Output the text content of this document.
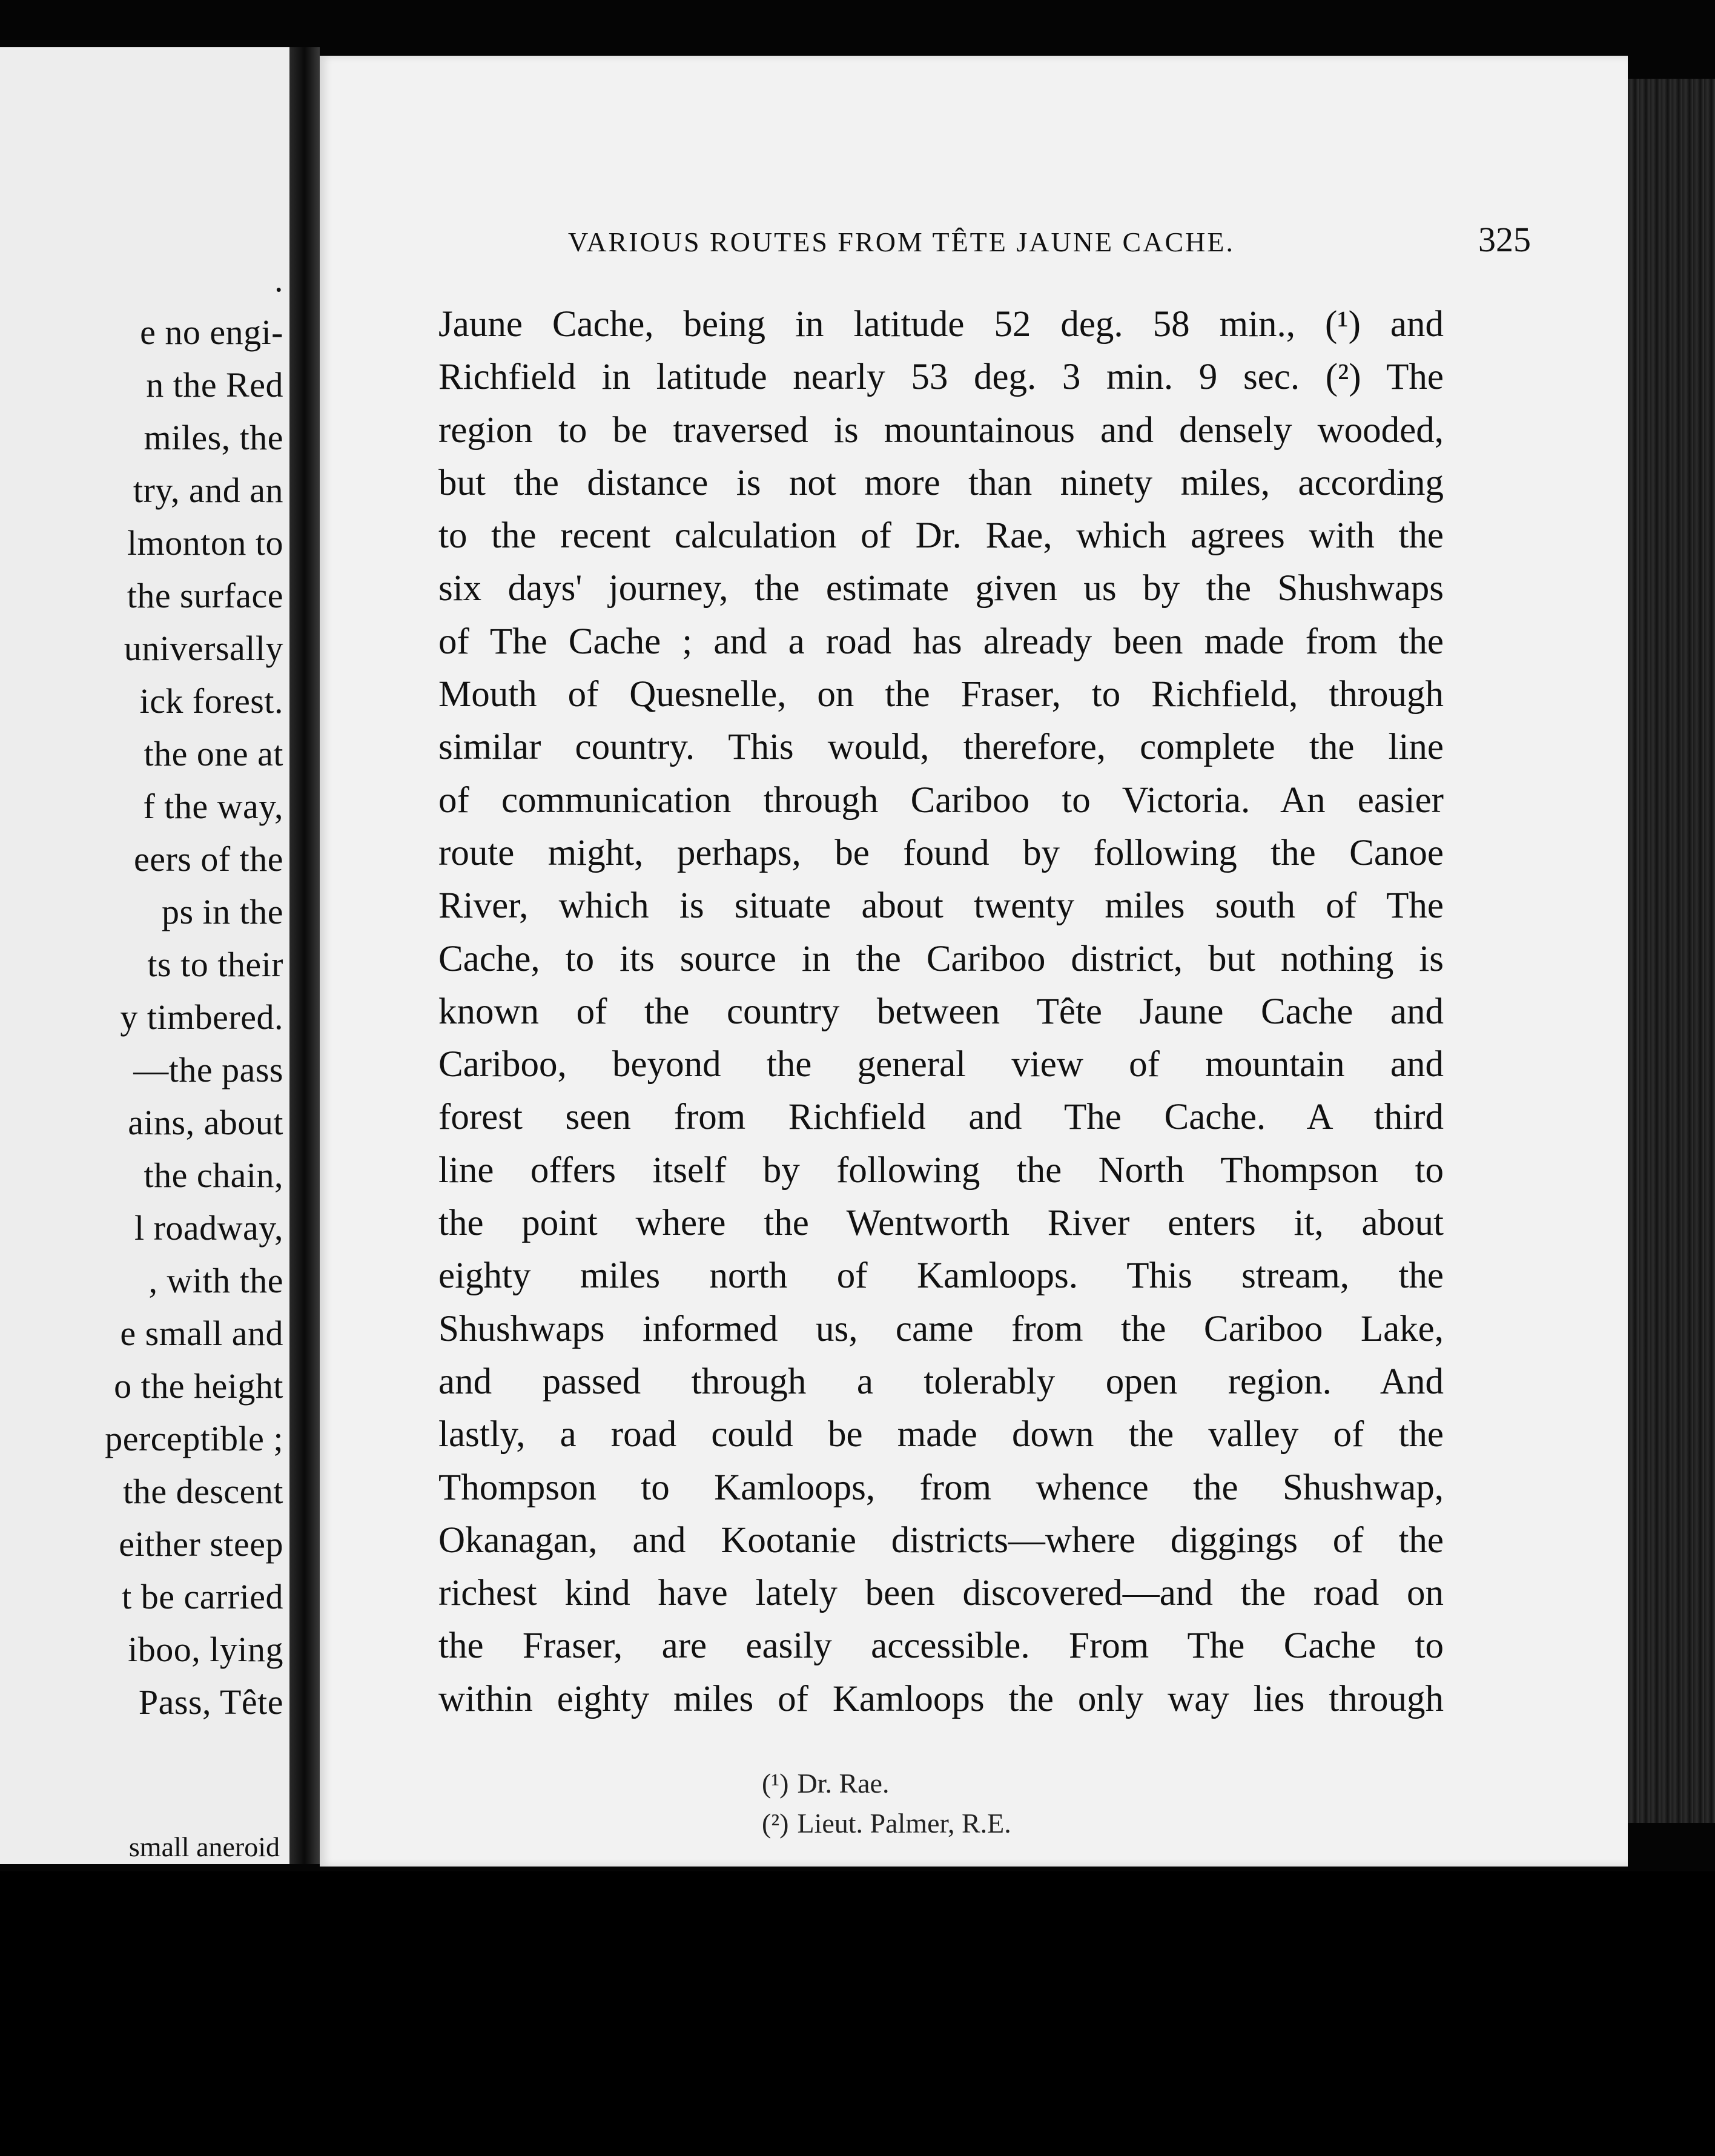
.
e no engi-
n the Red
miles, the
try, and an
lmonton to
the surface
universally
ick forest.
the one at
f the way,
eers of the
ps in the
ts to their
y timbered.
—the pass
ains, about
the chain,
l roadway,
, with the
e small and
o the height
perceptible ;
the descent
either steep
t be carried
iboo, lying
Pass, Tête
small aneroid
VARIOUS ROUTES FROM TÊTE JAUNE CACHE.	325
Jaune Cache, being in latitude 52 deg. 58 min., (¹) and
Richfield in latitude nearly 53 deg. 3 min. 9 sec. (²) The
region to be traversed is mountainous and densely wooded,
but the distance is not more than ninety miles, according
to the recent calculation of Dr. Rae, which agrees with the
six days' journey, the estimate given us by the Shushwaps
of The Cache ; and a road has already been made from the
Mouth of Quesnelle, on the Fraser, to Richfield, through
similar country. This would, therefore, complete the line
of communication through Cariboo to Victoria. An easier
route might, perhaps, be found by following the Canoe
River, which is situate about twenty miles south of The
Cache, to its source in the Cariboo district, but nothing is
known of the country between Tête Jaune Cache and
Cariboo, beyond the general view of mountain and
forest seen from Richfield and The Cache. A third
line offers itself by following the North Thompson to
the point where the Wentworth River enters it, about
eighty miles north of Kamloops. This stream, the
Shushwaps informed us, came from the Cariboo Lake,
and passed through a tolerably open region. And
lastly, a road could be made down the valley of the
Thompson to Kamloops, from whence the Shushwap,
Okanagan, and Kootanie districts—where diggings of the
richest kind have lately been discovered—and the road on
the Fraser, are easily accessible. From The Cache to
within eighty miles of Kamloops the only way lies through
(¹) Dr. Rae.
(²) Lieut. Palmer, R.E.
